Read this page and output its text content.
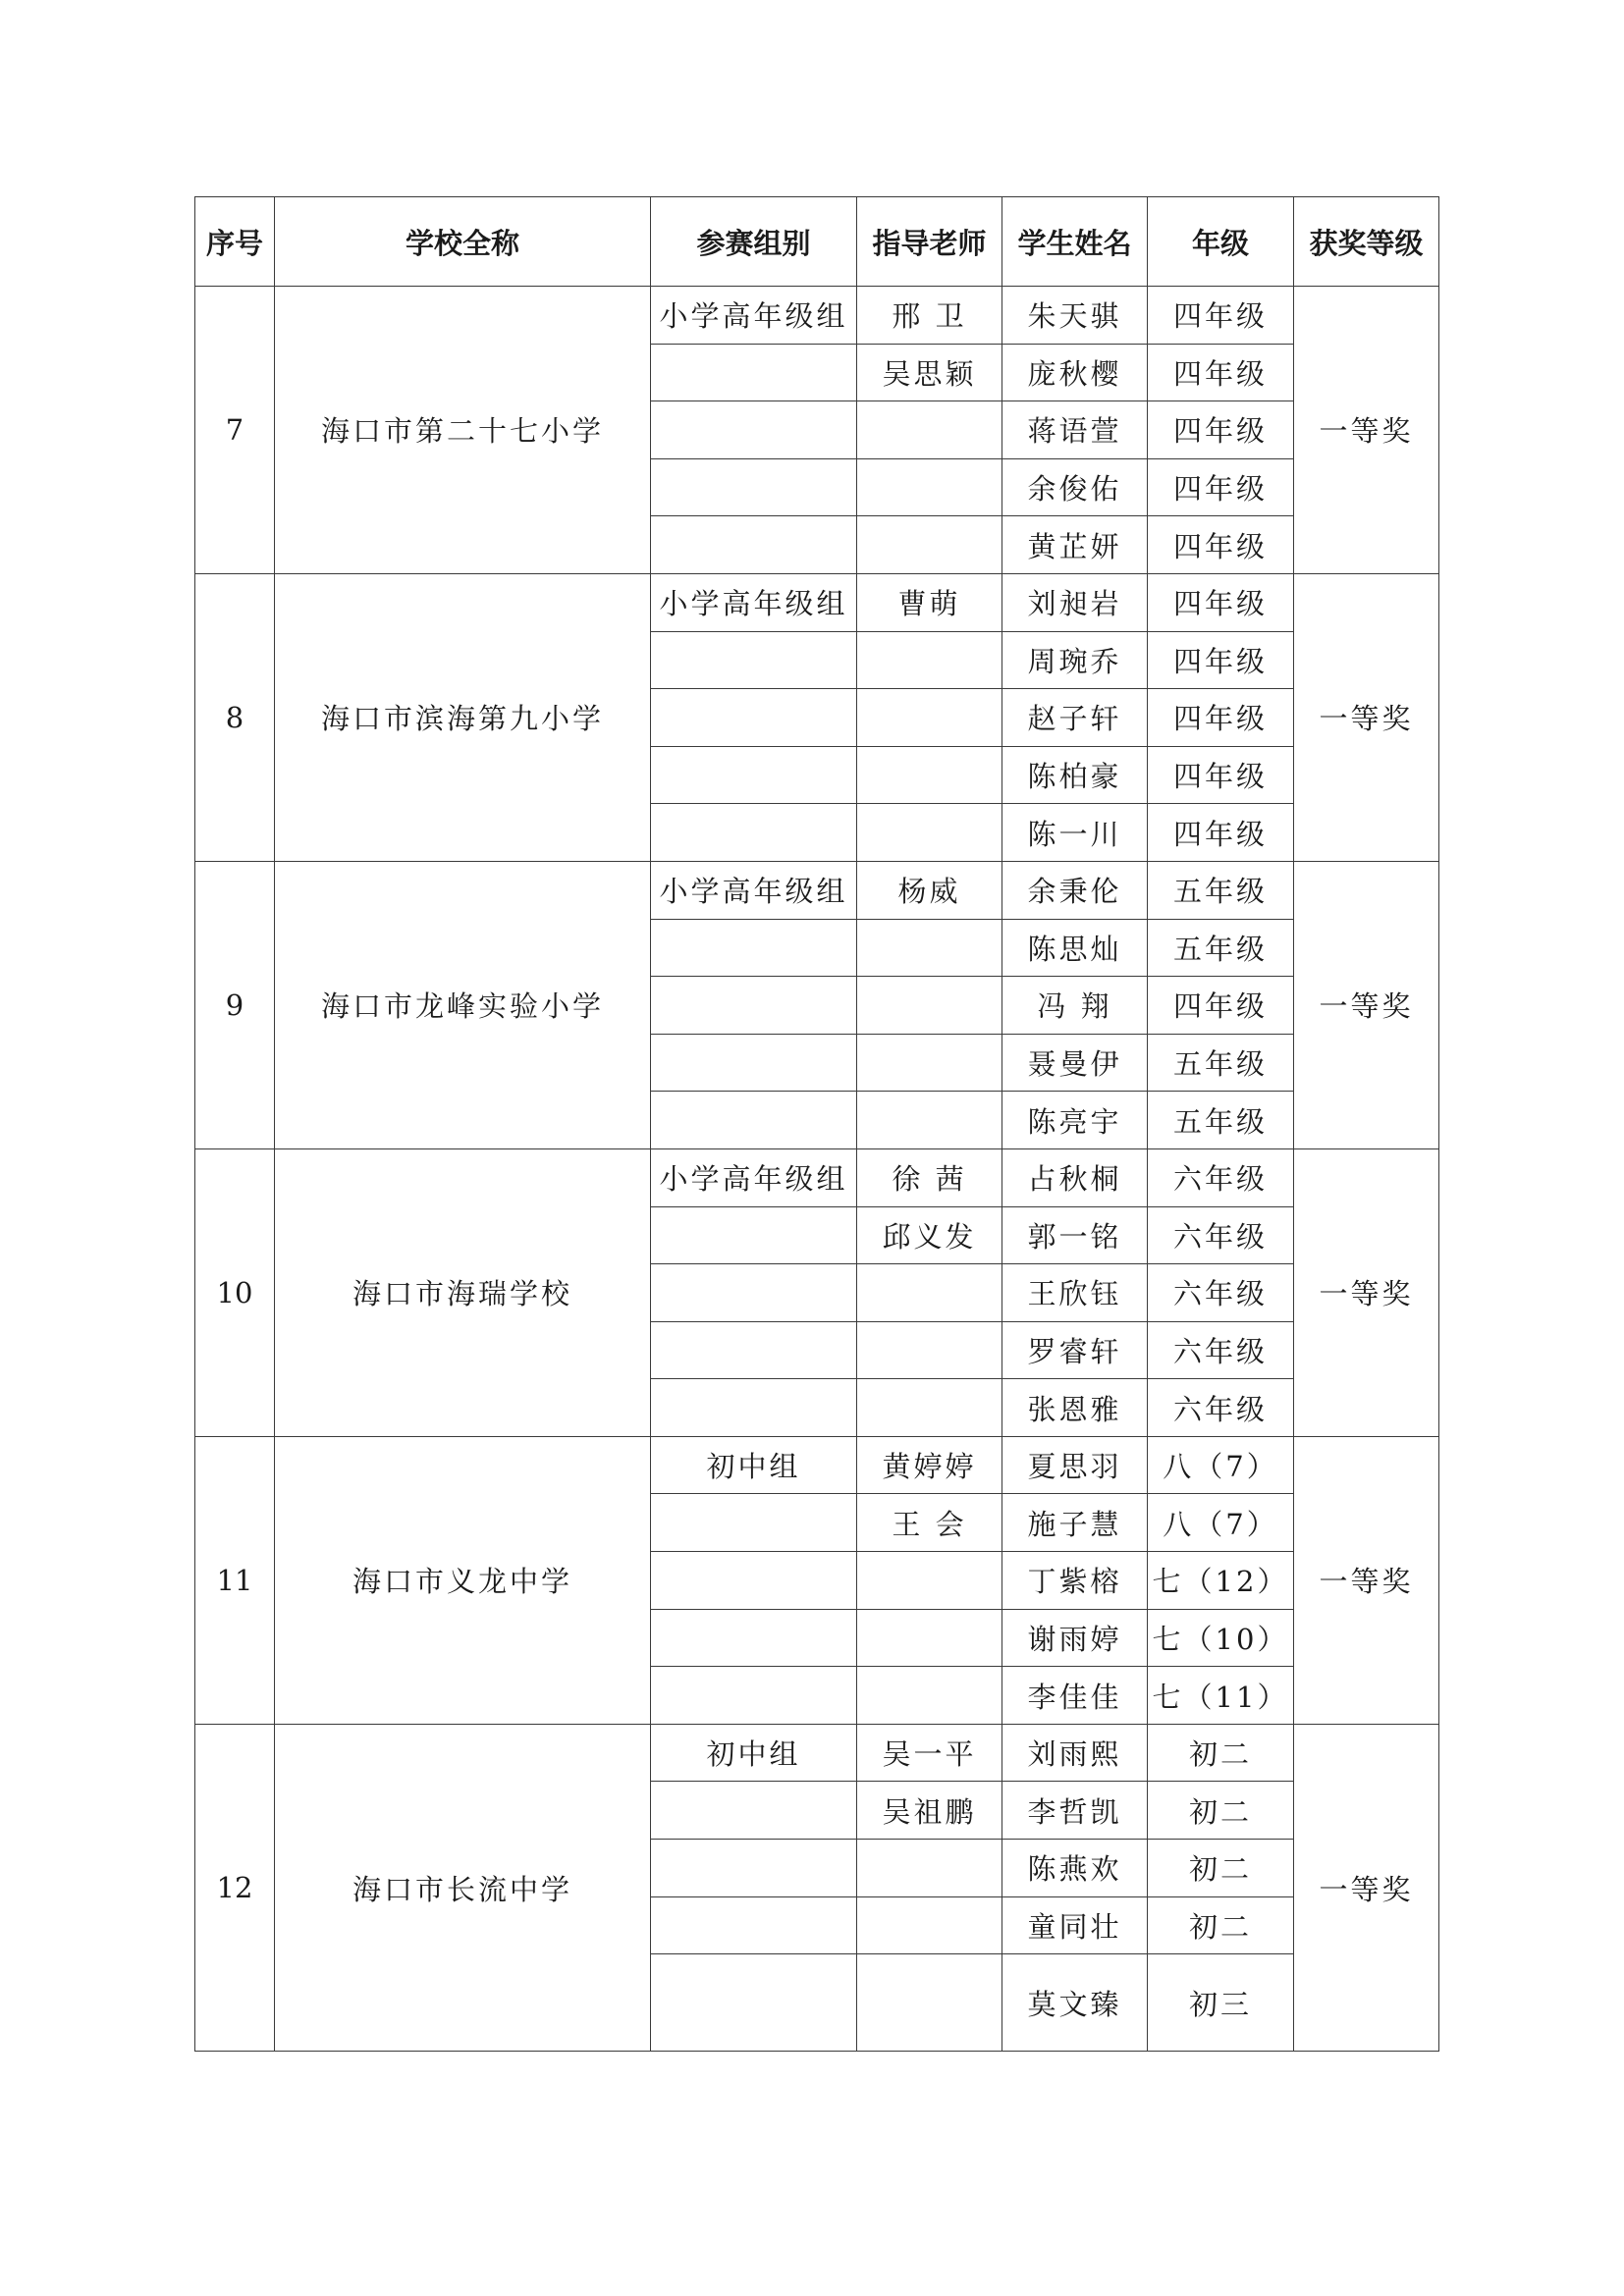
序号	学校全称	参赛组别	指导老师	学生姓名	年级	获奖等级
7	海口市第二十七小学	小学高年级组	邢 卫	朱天骐	四年级	一等奖
			吴思颖	庞秋樱	四年级	
				蒋语萱	四年级	
				余俊佑	四年级	
				黄芷妍	四年级	
8	海口市滨海第九小学	小学高年级组	曹萌	刘昶岩	四年级	一等奖
				周琬乔	四年级	
				赵子轩	四年级	
				陈柏豪	四年级	
				陈一川	四年级	
9	海口市龙峰实验小学	小学高年级组	杨威	余秉伦	五年级	一等奖
				陈思灿	五年级	
				冯 翔	四年级	
				聂曼伊	五年级	
				陈亮宇	五年级	
10	海口市海瑞学校	小学高年级组	徐 茜	占秋桐	六年级	一等奖
			邱义发	郭一铭	六年级	
				王欣钰	六年级	
				罗睿轩	六年级	
				张恩雅	六年级	
11	海口市义龙中学	初中组	黄婷婷	夏思羽	八（7）	一等奖
			王 会	施子慧	八（7）	
				丁紫榕	七（12）	
				谢雨婷	七（10）	
				李佳佳	七（11）	
12	海口市长流中学	初中组	吴一平	刘雨熙	初二	一等奖
			吴祖鹏	李哲凯	初二	
				陈燕欢	初二	
				童同壮	初二	
				莫文臻	初三	
